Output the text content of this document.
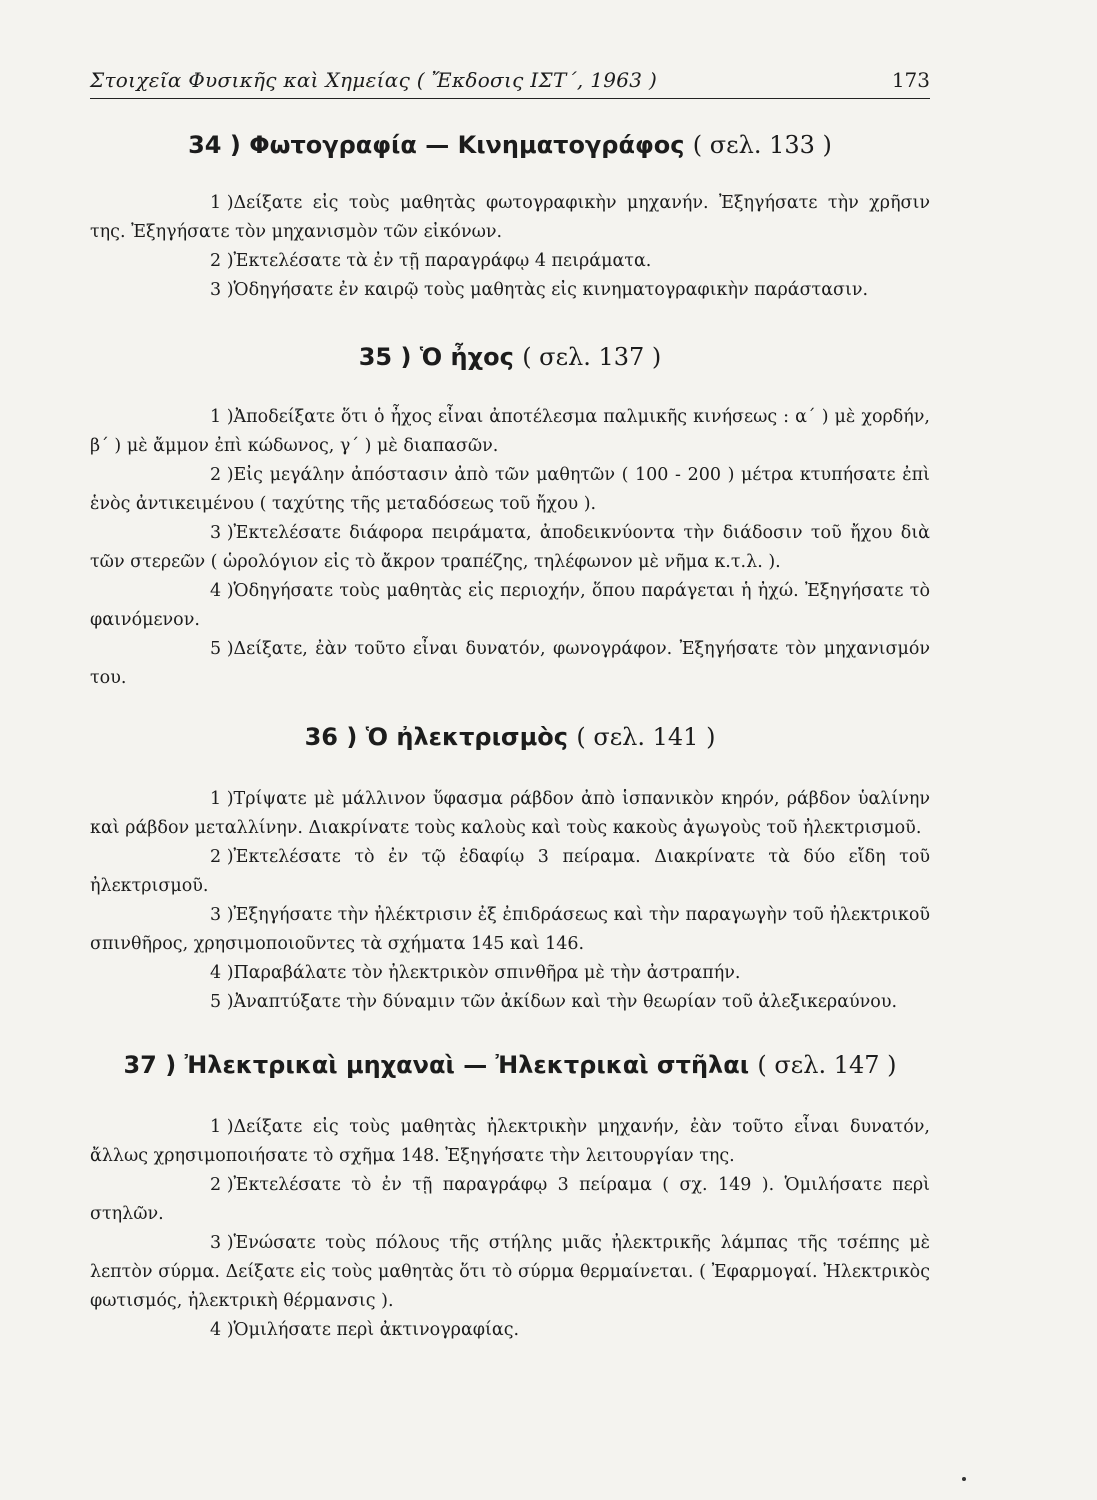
Στοιχεῖα Φυσικῆς καὶ Χημείας ( Ἔκδοσις ΙΣΤ΄, 1963 )	173
34 ) Φωτογραφία — Κινηματογράφος ( σελ. 133 )

1 )Δείξατε εἰς τοὺς μαθητὰς φωτογραφικὴν μηχανήν. Ἐξηγήσατε τὴν χρῆσιν της. Ἐξηγήσατε τὸν μηχανισμὸν τῶν εἰκόνων.

2 )Ἐκτελέσατε τὰ ἐν τῇ παραγράφῳ 4 πειράματα.

3 )Ὁδηγήσατε ἐν καιρῷ τοὺς μαθητὰς εἰς κινηματογραφικὴν παράστασιν.

35 ) Ὁ ἦχος ( σελ. 137 )

1 )Ἀποδείξατε ὅτι ὁ ἦχος εἶναι ἀποτέλεσμα παλμικῆς κινήσεως : α΄ ) μὲ χορδήν, β΄ ) μὲ ἄμμον ἐπὶ κώδωνος, γ΄ ) μὲ διαπασῶν.

2 )Εἰς μεγάλην ἀπόστασιν ἀπὸ τῶν μαθητῶν ( 100 - 200 ) μέτρα κτυπήσατε ἐπὶ ἑνὸς ἀντικειμένου ( ταχύτης τῆς μεταδόσεως τοῦ ἤχου ).

3 )Ἐκτελέσατε διάφορα πειράματα, ἀποδεικνύοντα τὴν διάδοσιν τοῦ ἤχου διὰ τῶν στερεῶν ( ὡρολόγιον εἰς τὸ ἄκρον τραπέζης, τηλέφωνον μὲ νῆμα κ.τ.λ. ).

4 )Ὁδηγήσατε τοὺς μαθητὰς εἰς περιοχήν, ὅπου παράγεται ἡ ἠχώ. Ἐξηγήσατε τὸ φαινόμενον.

5 )Δείξατε, ἐὰν τοῦτο εἶναι δυνατόν, φωνογράφον. Ἐξηγήσατε τὸν μηχανισμόν του.

36 ) Ὁ ἠλεκτρισμὸς ( σελ. 141 )

1 )Τρίψατε μὲ μάλλινον ὕφασμα ράβδον ἀπὸ ἱσπανικὸν κηρόν, ράβδον ὑαλίνην καὶ ράβδον μεταλλίνην. Διακρίνατε τοὺς καλοὺς καὶ τοὺς κακοὺς ἀγωγοὺς τοῦ ἠλεκτρισμοῦ.

2 )Ἐκτελέσατε τὸ ἐν τῷ ἐδαφίῳ 3 πείραμα. Διακρίνατε τὰ δύο εἴδη τοῦ ἠλεκτρισμοῦ.

3 )Ἐξηγήσατε τὴν ἠλέκτρισιν ἐξ ἐπιδράσεως καὶ τὴν παραγωγὴν τοῦ ἠλεκτρικοῦ σπινθῆρος, χρησιμοποιοῦντες τὰ σχήματα 145 καὶ 146.

4 )Παραβάλατε τὸν ἠλεκτρικὸν σπινθῆρα μὲ τὴν ἀστραπήν.

5 )Ἀναπτύξατε τὴν δύναμιν τῶν ἀκίδων καὶ τὴν θεωρίαν τοῦ ἀλεξικεραύνου.

37 ) Ἠλεκτρικαὶ μηχαναὶ — Ἠλεκτρικαὶ στῆλαι ( σελ. 147 )

1 )Δείξατε εἰς τοὺς μαθητὰς ἠλεκτρικὴν μηχανήν, ἐὰν τοῦτο εἶναι δυνατόν, ἄλλως χρησιμοποιήσατε τὸ σχῆμα 148. Ἐξηγήσατε τὴν λειτουργίαν της.

2 )Ἐκτελέσατε τὸ ἐν τῇ παραγράφῳ 3 πείραμα ( σχ. 149 ). Ὁμιλήσατε περὶ στηλῶν.

3 )Ἑνώσατε τοὺς πόλους τῆς στήλης μιᾶς ἠλεκτρικῆς λάμπας τῆς τσέπης μὲ λεπτὸν σύρμα. Δείξατε εἰς τοὺς μαθητὰς ὅτι τὸ σύρμα θερμαίνεται. ( Ἐφαρμογαί. Ἠλεκτρικὸς φωτισμός, ἠλεκτρικὴ θέρμανσις ).

4 )Ὁμιλήσατε περὶ ἀκτινογραφίας.
